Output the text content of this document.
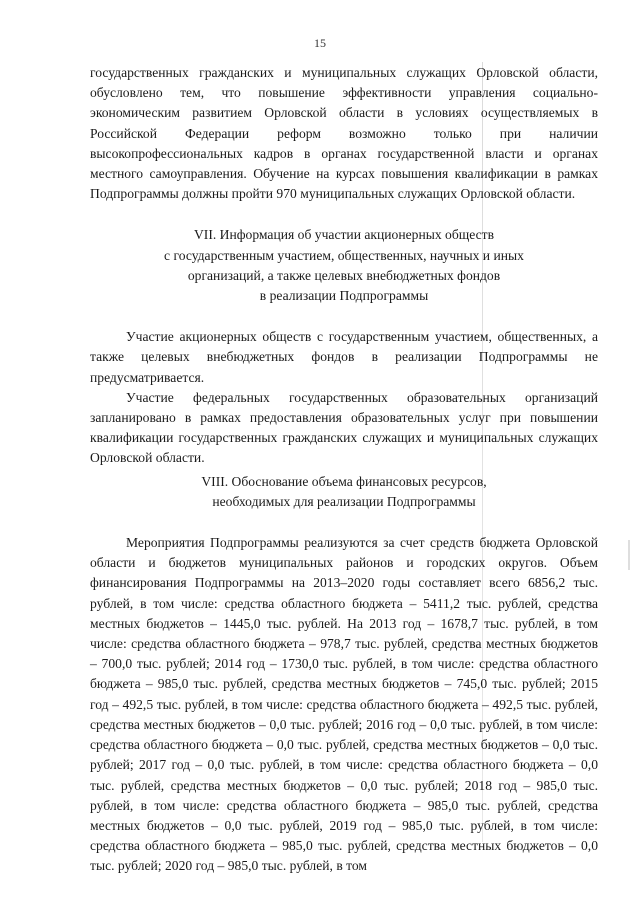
15

государственных гражданских и муниципальных служащих Орловской области, обусловлено тем, что повышение эффективности управления социально-экономическим развитием Орловской области в условиях осуществляемых в Российской Федерации реформ возможно только при наличии высокопрофессиональных кадров в органах государственной власти и органах местного самоуправления. Обучение на курсах повышения квалификации в рамках Подпрограммы должны пройти 970 муниципальных служащих Орловской области.

VII. Информация об участии акционерных обществ

с государственным участием, общественных, научных и иных

организаций, а также целевых внебюджетных фондов

в реализации Подпрограммы

Участие акционерных обществ с государственным участием, общественных, а также целевых внебюджетных фондов в реализации Подпрограммы не предусматривается.

Участие федеральных государственных образовательных организаций запланировано в рамках предоставления образовательных услуг при повышении квалификации государственных гражданских служащих и муниципальных служащих Орловской области.

VIII. Обоснование объема финансовых ресурсов,

необходимых для реализации Подпрограммы

Мероприятия Подпрограммы реализуются за счет средств бюджета Орловской области и бюджетов муниципальных районов и городских округов. Объем финансирования Подпрограммы на 2013–2020 годы составляет всего 6856,2 тыс. рублей, в том числе: средства областного бюджета – 5411,2 тыс. рублей, средства местных бюджетов – 1445,0 тыс. рублей. На 2013 год – 1678,7 тыс. рублей, в том числе: средства областного бюджета – 978,7 тыс. рублей, средства местных бюджетов – 700,0 тыс. рублей; 2014 год – 1730,0 тыс. рублей, в том числе: средства областного бюджета – 985,0 тыс. рублей, средства местных бюджетов – 745,0 тыс. рублей; 2015 год – 492,5 тыс. рублей, в том числе: средства областного бюджета – 492,5 тыс. рублей, средства местных бюджетов – 0,0 тыс. рублей; 2016 год – 0,0 тыс. рублей, в том числе: средства областного бюджета – 0,0 тыс. рублей, средства местных бюджетов – 0,0 тыс. рублей; 2017 год – 0,0 тыс. рублей, в том числе: средства областного бюджета – 0,0 тыс. рублей, средства местных бюджетов – 0,0 тыс. рублей; 2018 год – 985,0 тыс. рублей, в том числе: средства областного бюджета – 985,0 тыс. рублей, средства местных бюджетов – 0,0 тыс. рублей, 2019 год – 985,0 тыс. рублей, в том числе: средства областного бюджета – 985,0 тыс. рублей, средства местных бюджетов – 0,0 тыс. рублей; 2020 год – 985,0 тыс. рублей, в том
